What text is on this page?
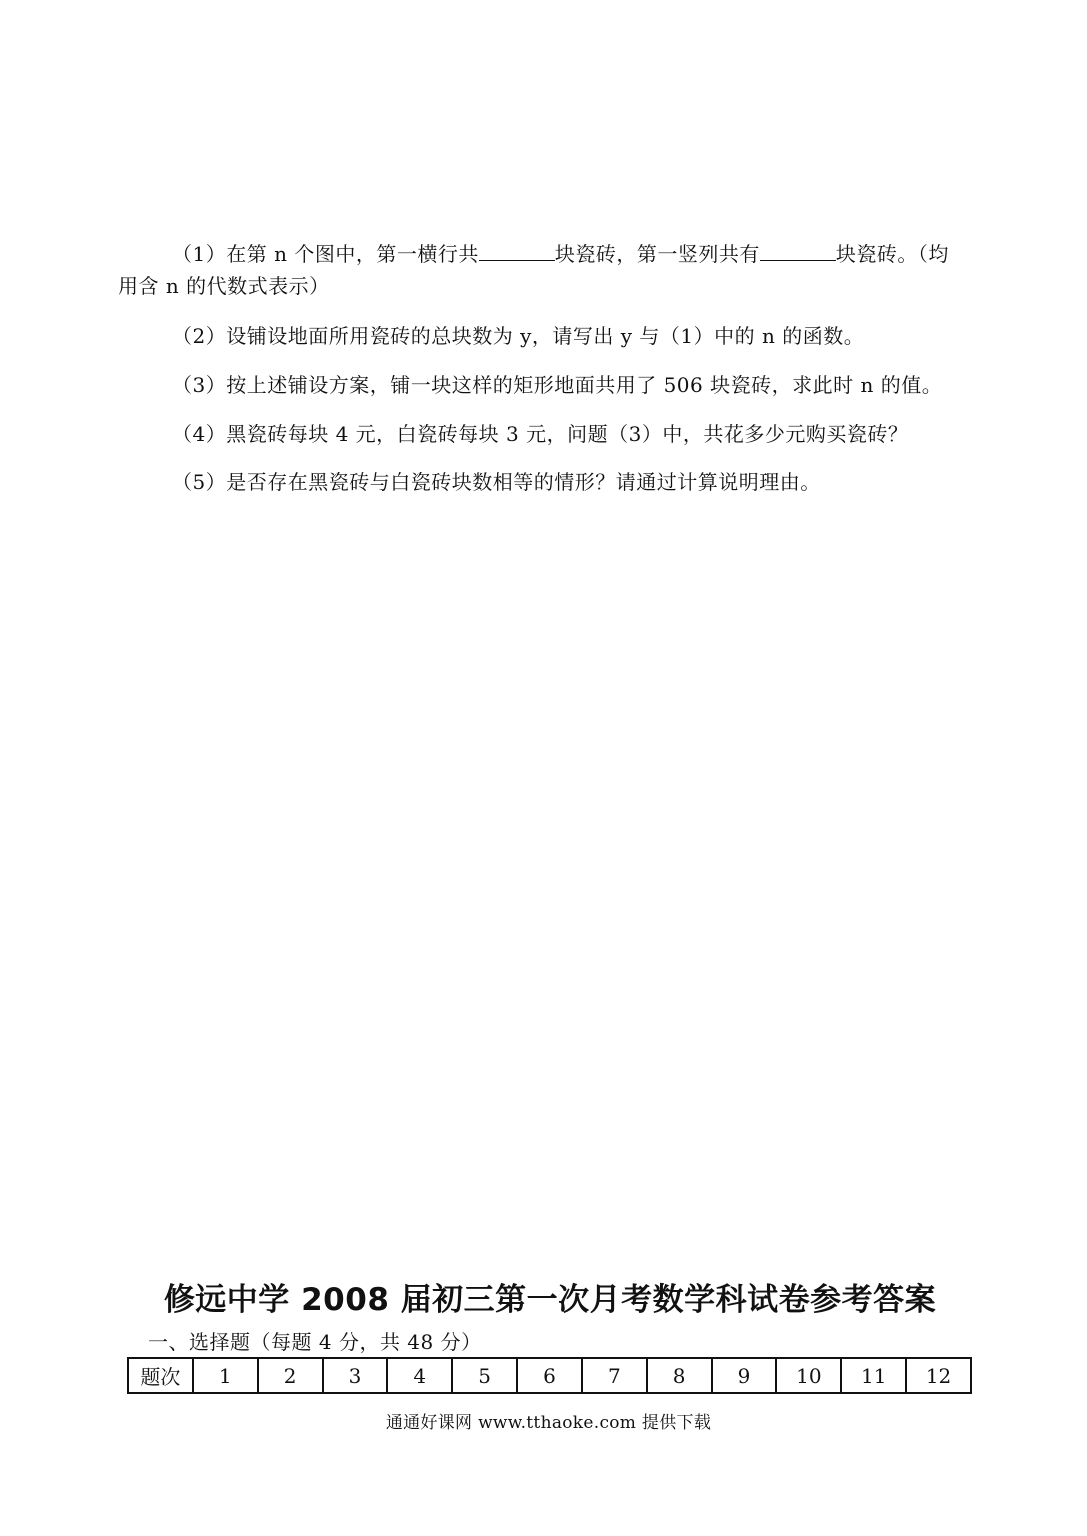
（1）在第 n 个图中，第一横行共	块瓷砖，第一竖列共有	块瓷砖。（均
用含 n 的代数式表示）
（2）设铺设地面所用瓷砖的总块数为 y，请写出 y 与（1）中的 n 的函数。
（3）按上述铺设方案，铺一块这样的矩形地面共用了 506 块瓷砖，求此时 n 的值。
（4）黑瓷砖每块 4 元，白瓷砖每块 3 元，问题（3）中，共花多少元购买瓷砖？
（5）是否存在黑瓷砖与白瓷砖块数相等的情形？请通过计算说明理由。
修远中学 2008 届初三第一次月考数学科试卷参考答案
一、选择题（每题 4 分，共 48 分）
题次	1	2	3	4	5	6	7	8	9	10	11	12
通通好课网 www.tthaoke.com 提供下载
